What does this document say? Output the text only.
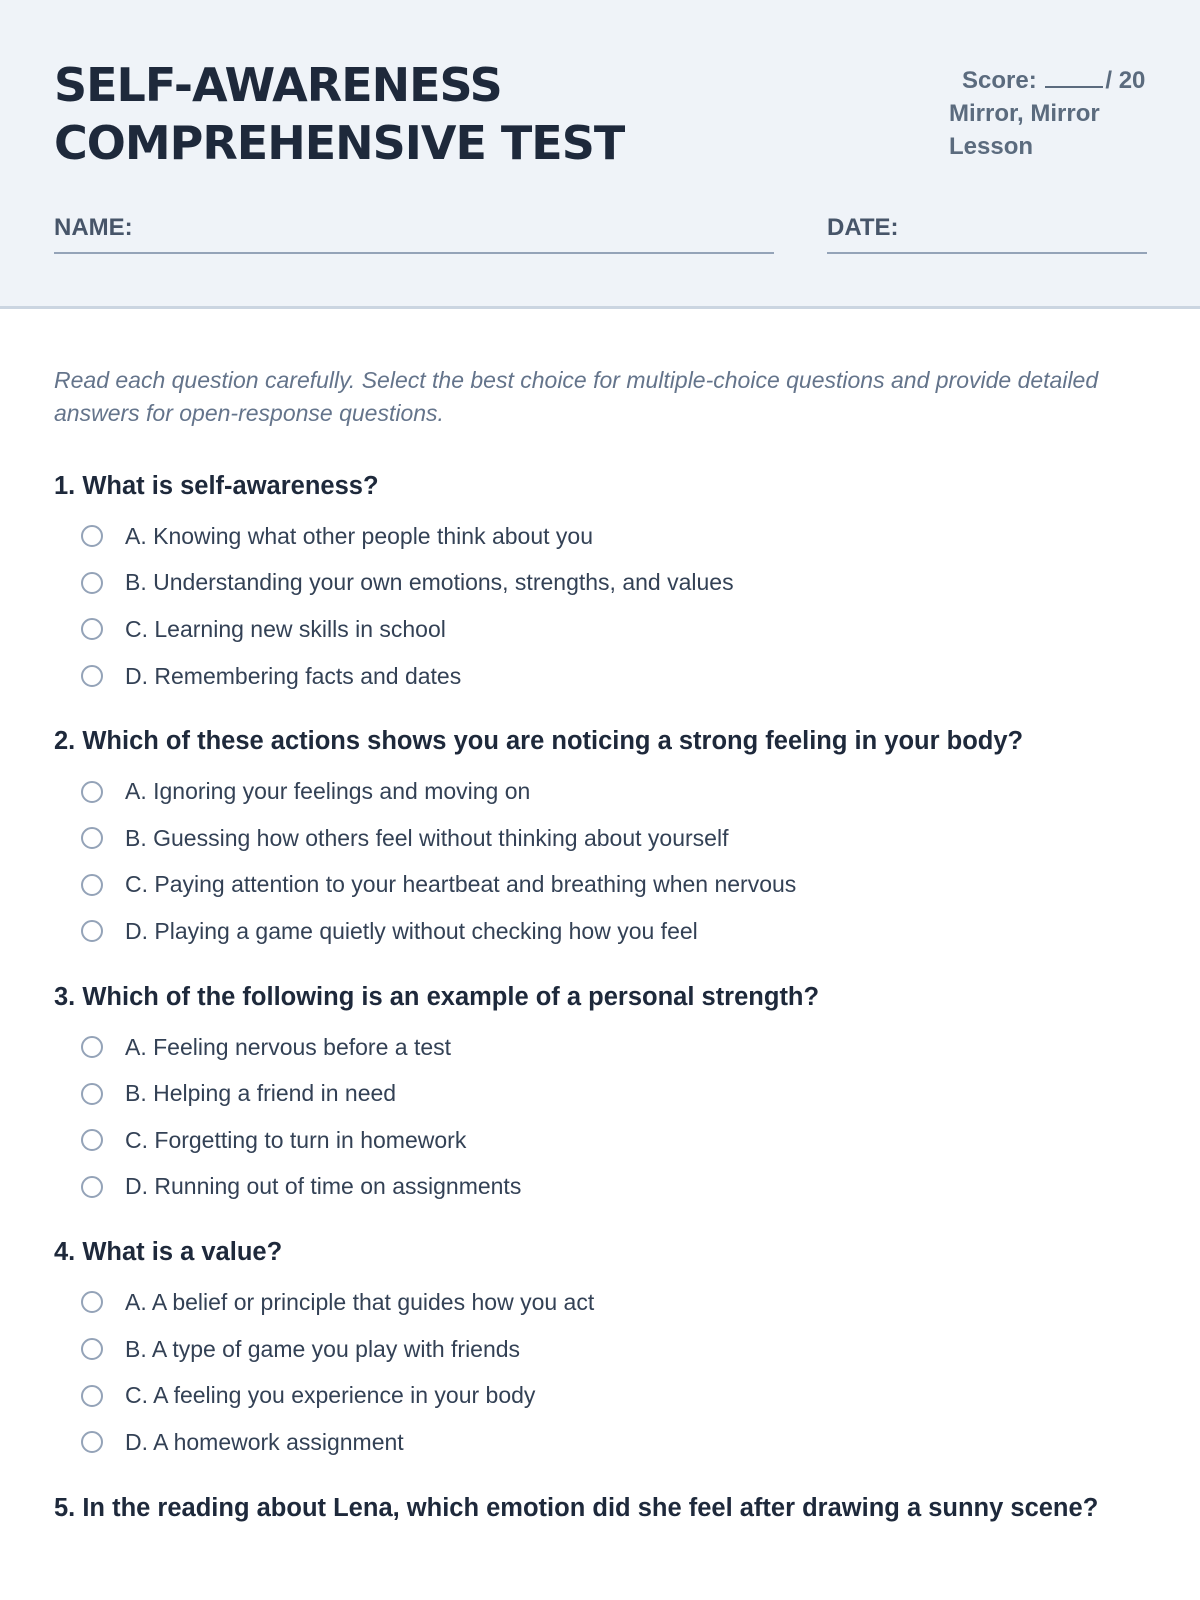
SELF-AWARENESS
COMPREHENSIVE TEST
Score:	/ 20
Mirror, Mirror
Lesson
NAME:	DATE:

Read each question carefully. Select the best choice for multiple-choice questions and provide detailed answers for open-response questions.

1. What is self-awareness?
A. Knowing what other people think about you
B. Understanding your own emotions, strengths, and values
C. Learning new skills in school
D. Remembering facts and dates
2. Which of these actions shows you are noticing a strong feeling in your body?
A. Ignoring your feelings and moving on
B. Guessing how others feel without thinking about yourself
C. Paying attention to your heartbeat and breathing when nervous
D. Playing a game quietly without checking how you feel
3. Which of the following is an example of a personal strength?
A. Feeling nervous before a test
B. Helping a friend in need
C. Forgetting to turn in homework
D. Running out of time on assignments
4. What is a value?
A. A belief or principle that guides how you act
B. A type of game you play with friends
C. A feeling you experience in your body
D. A homework assignment
5. In the reading about Lena, which emotion did she feel after drawing a sunny scene?
